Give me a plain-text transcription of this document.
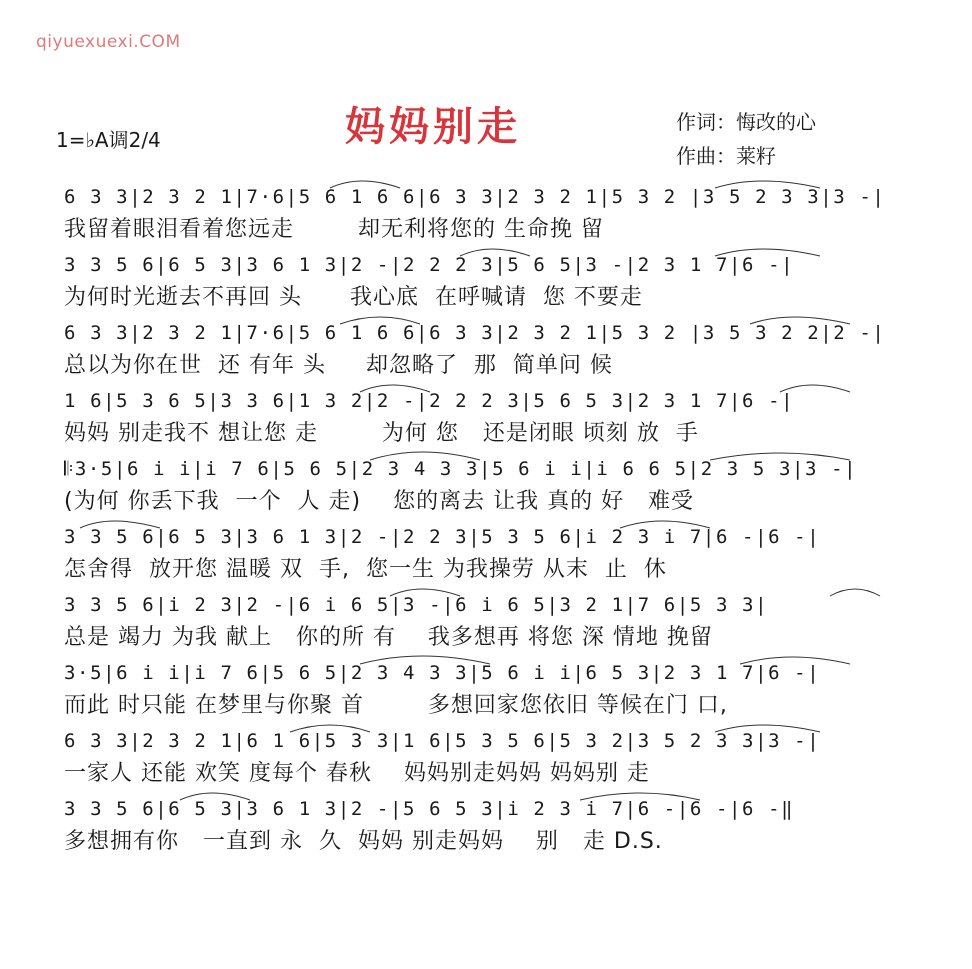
qiyuexuexi.COM
1=♭A调2/4	妈妈别走	作词：悔改的心
作曲：莱籽
6 3 3|2 3 2 1|7·6|5 6 1 6 6|6 3 3|2 3 2 1|5 3 2 |3 5 2 3 3|3 -|
我留着眼泪看着您远走        却无利将您的 生命挽 留
3 3 5 6|6 5 3|3 6 1 3|2 -|2 2 2 3|5 6 5|3 -|2 3 1 7|6 -|
为何时光逝去不再回 头      我心底  在呼喊请  您 不要走
6 3 3|2 3 2 1|7·6|5 6 1 6 6|6 3 3|2 3 2 1|5 3 2 |3 5 3 2 2|2 -|
总以为你在世  还 有年 头     却忽略了  那  简单问 候
1 6|5 3 6 5|3 3 6|1 3 2|2 -|2 2 2 3|5 6 5 3|2 3 1 7|6 -|
妈妈 别走我不 想让您 走        为何 您   还是闭眼 顷刻 放  手
𝄆3·5|6 i i|i 7 6|5 6 5|2 3 4 3 3|5 6 i i|i 6 6 5|2 3 5 3|3 -|
(为何 你丢下我  一个  人 走)    您的离去 让我 真的 好   难受
3 3 5 6|6 5 3|3 6 1 3|2 -|2 2 3|5 3 5 6|i 2 3 i 7|6 -|6 -|
怎舍得  放开您 温暖 双  手,  您一生 为我操劳 从末  止  休
3 3 5 6|i 2 3|2 -|6 i 6 5|3 -|6 i 6 5|3 2 1|7 6|5 3 3|
总是 竭力 为我 献上   你的所 有    我多想再 将您 深 情地 挽留
3·5|6 i i|i 7 6|5 6 5|2 3 4 3 3|5 6 i i|6 5 3|2 3 1 7|6 -|
而此 时只能 在梦里与你聚 首        多想回家您依旧 等候在门 口,
6 3 3|2 3 2 1|6 1 6|5 3 3|1 6|5 3 5 6|5 3 2|3 5 2 3 3|3 -|
一家人 还能 欢笑 度每个 春秋    妈妈别走妈妈 妈妈别 走
3 3 5 6|6 5 3|3 6 1 3|2 -|5 6 5 3|i 2 3 i 7|6 -|6 -|6 -‖
多想拥有你   一直到 永  久  妈妈 别走妈妈    别   走 D.S.
